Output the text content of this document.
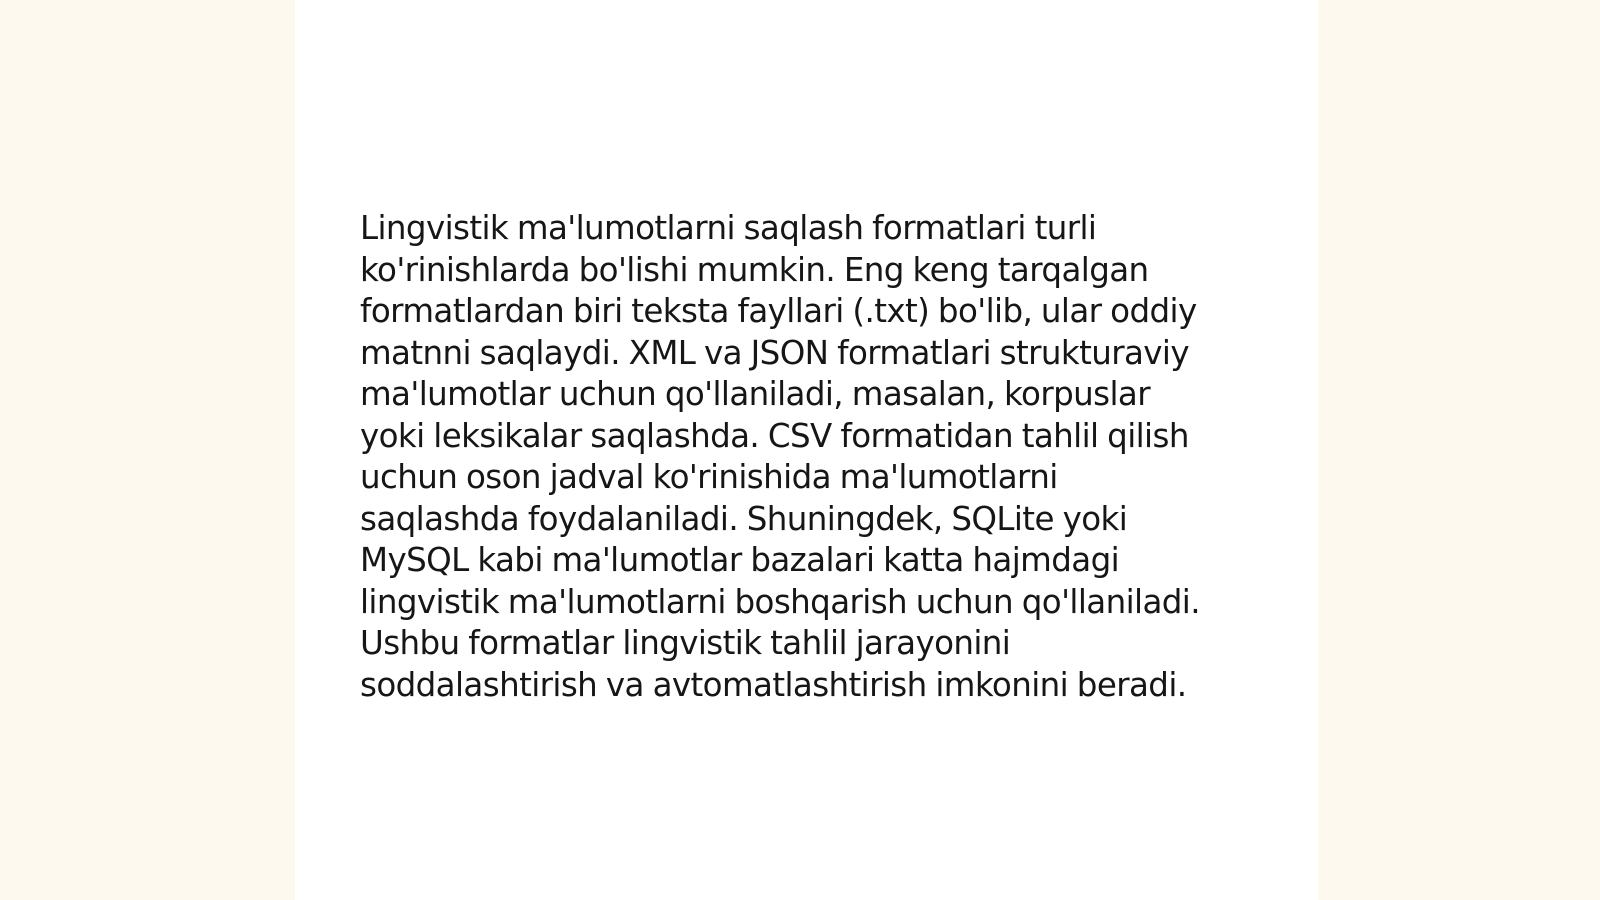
Lingvistik ma'lumotlarni saqlash formatlari turli
ko'rinishlarda bo'lishi mumkin. Eng keng tarqalgan
formatlardan biri teksta fayllari (.txt) bo'lib, ular oddiy
matnni saqlaydi. XML va JSON formatlari strukturaviy
ma'lumotlar uchun qo'llaniladi, masalan, korpuslar
yoki leksikalar saqlashda. CSV formatidan tahlil qilish
uchun oson jadval ko'rinishida ma'lumotlarni
saqlashda foydalaniladi. Shuningdek, SQLite yoki
MySQL kabi ma'lumotlar bazalari katta hajmdagi
lingvistik ma'lumotlarni boshqarish uchun qo'llaniladi.
Ushbu formatlar lingvistik tahlil jarayonini
soddalashtirish va avtomatlashtirish imkonini beradi.
